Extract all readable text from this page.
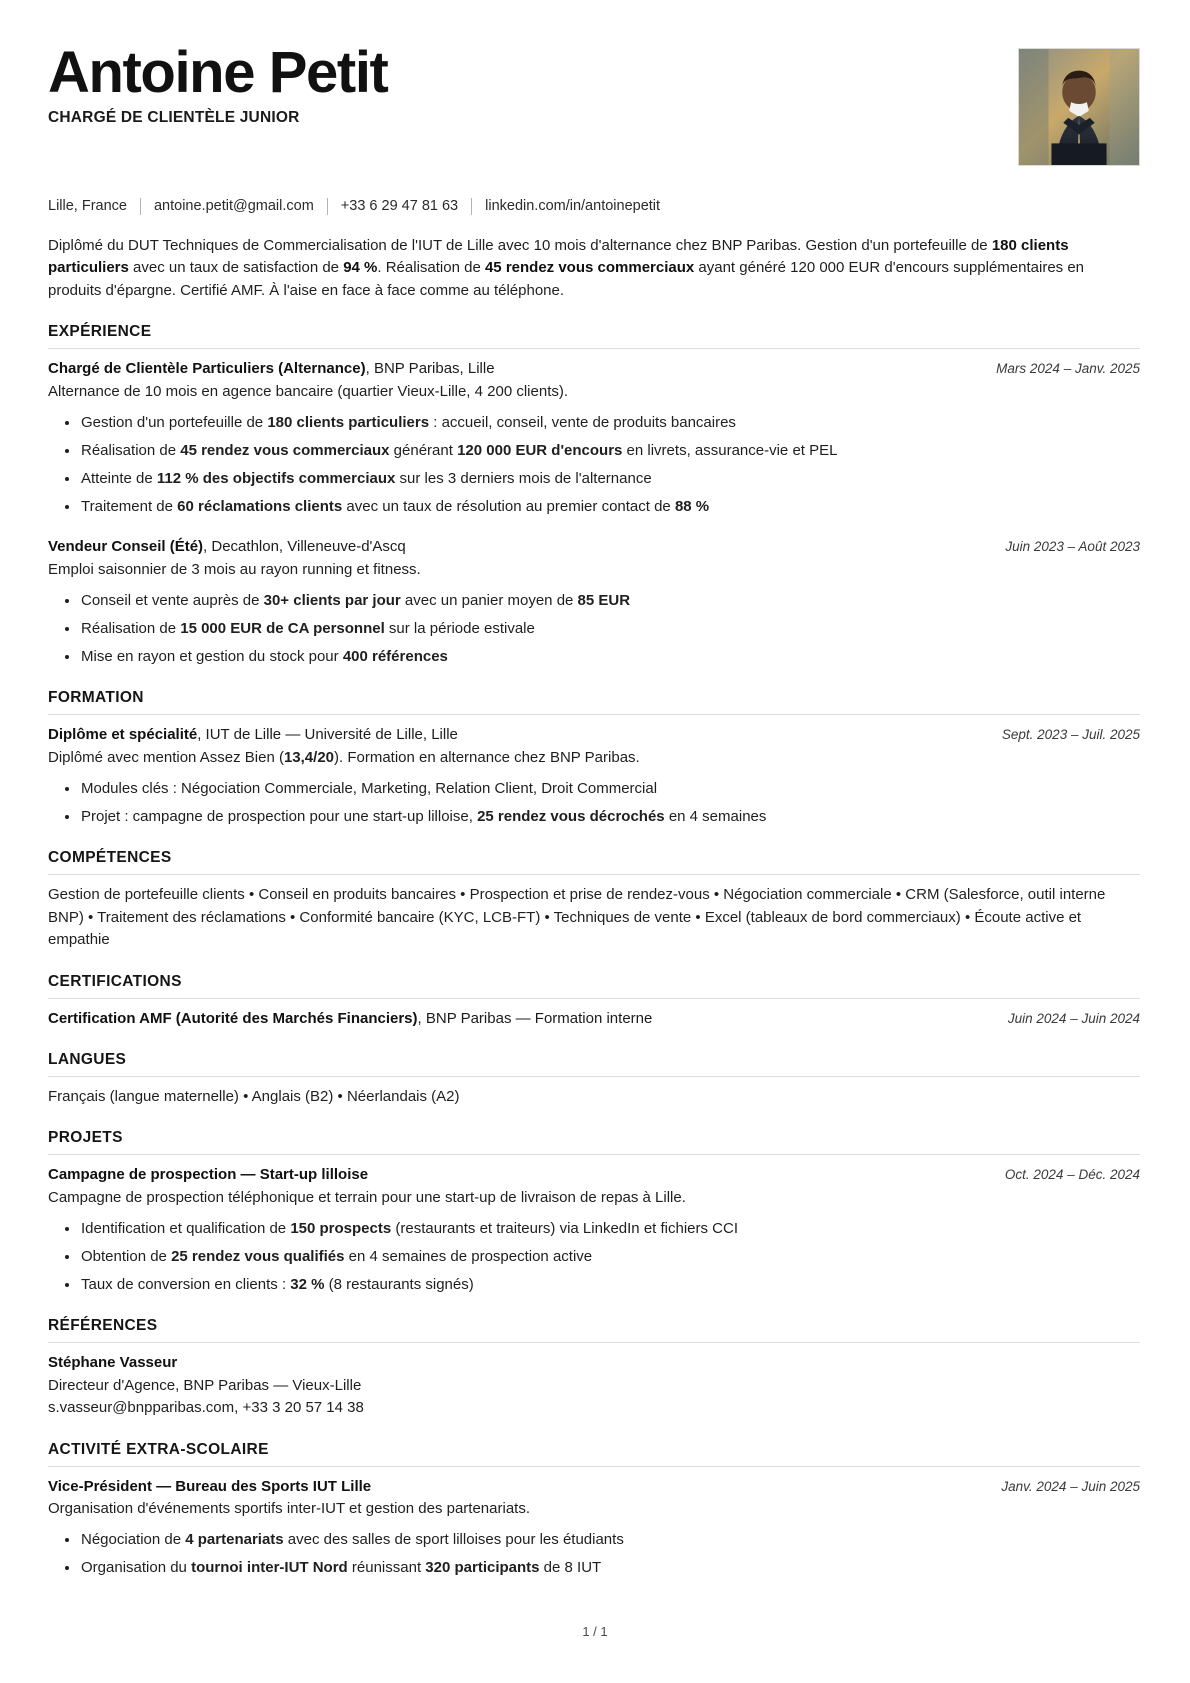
Antoine Petit
CHARGÉ DE CLIENTÈLE JUNIOR
Lille, France antoine.petit@gmail.com +33 6 29 47 81 63 linkedin.com/in/antoinepetit
Diplômé du DUT Techniques de Commercialisation de l'IUT de Lille avec 10 mois d'alternance chez BNP Paribas. Gestion d'un portefeuille de 180 clients particuliers avec un taux de satisfaction de 94 %. Réalisation de 45 rendez vous commerciaux ayant généré 120 000 EUR d'encours supplémentaires en produits d'épargne. Certifié AMF. À l'aise en face à face comme au téléphone.
EXPÉRIENCE
Chargé de Clientèle Particuliers (Alternance), BNP Paribas, Lille	Mars 2024 – Janv. 2025
Alternance de 10 mois en agence bancaire (quartier Vieux-Lille, 4 200 clients).
Gestion d'un portefeuille de 180 clients particuliers : accueil, conseil, vente de produits bancaires
Réalisation de 45 rendez vous commerciaux générant 120 000 EUR d'encours en livrets, assurance-vie et PEL
Atteinte de 112 % des objectifs commerciaux sur les 3 derniers mois de l'alternance
Traitement de 60 réclamations clients avec un taux de résolution au premier contact de 88 %
Vendeur Conseil (Été), Decathlon, Villeneuve-d'Ascq	Juin 2023 – Août 2023
Emploi saisonnier de 3 mois au rayon running et fitness.
Conseil et vente auprès de 30+ clients par jour avec un panier moyen de 85 EUR
Réalisation de 15 000 EUR de CA personnel sur la période estivale
Mise en rayon et gestion du stock pour 400 références
FORMATION
Diplôme et spécialité, IUT de Lille — Université de Lille, Lille	Sept. 2023 – Juil. 2025
Diplômé avec mention Assez Bien (13,4/20). Formation en alternance chez BNP Paribas.
Modules clés : Négociation Commerciale, Marketing, Relation Client, Droit Commercial
Projet : campagne de prospection pour une start-up lilloise, 25 rendez vous décrochés en 4 semaines
COMPÉTENCES
Gestion de portefeuille clients • Conseil en produits bancaires • Prospection et prise de rendez-vous • Négociation commerciale • CRM (Salesforce, outil interne BNP) • Traitement des réclamations • Conformité bancaire (KYC, LCB-FT) • Techniques de vente • Excel (tableaux de bord commerciaux) • Écoute active et empathie
CERTIFICATIONS
Certification AMF (Autorité des Marchés Financiers), BNP Paribas — Formation interne	Juin 2024 – Juin 2024
LANGUES
Français (langue maternelle) • Anglais (B2) • Néerlandais (A2)
PROJETS
Campagne de prospection — Start-up lilloise	Oct. 2024 – Déc. 2024
Campagne de prospection téléphonique et terrain pour une start-up de livraison de repas à Lille.
Identification et qualification de 150 prospects (restaurants et traiteurs) via LinkedIn et fichiers CCI
Obtention de 25 rendez vous qualifiés en 4 semaines de prospection active
Taux de conversion en clients : 32 % (8 restaurants signés)
RÉFÉRENCES
Stéphane Vasseur
Directeur d'Agence, BNP Paribas — Vieux-Lille
s.vasseur@bnpparibas.com, +33 3 20 57 14 38
ACTIVITÉ EXTRA-SCOLAIRE
Vice-Président — Bureau des Sports IUT Lille	Janv. 2024 – Juin 2025
Organisation d'événements sportifs inter-IUT et gestion des partenariats.
Négociation de 4 partenariats avec des salles de sport lilloises pour les étudiants
Organisation du tournoi inter-IUT Nord réunissant 320 participants de 8 IUT
1 / 1
